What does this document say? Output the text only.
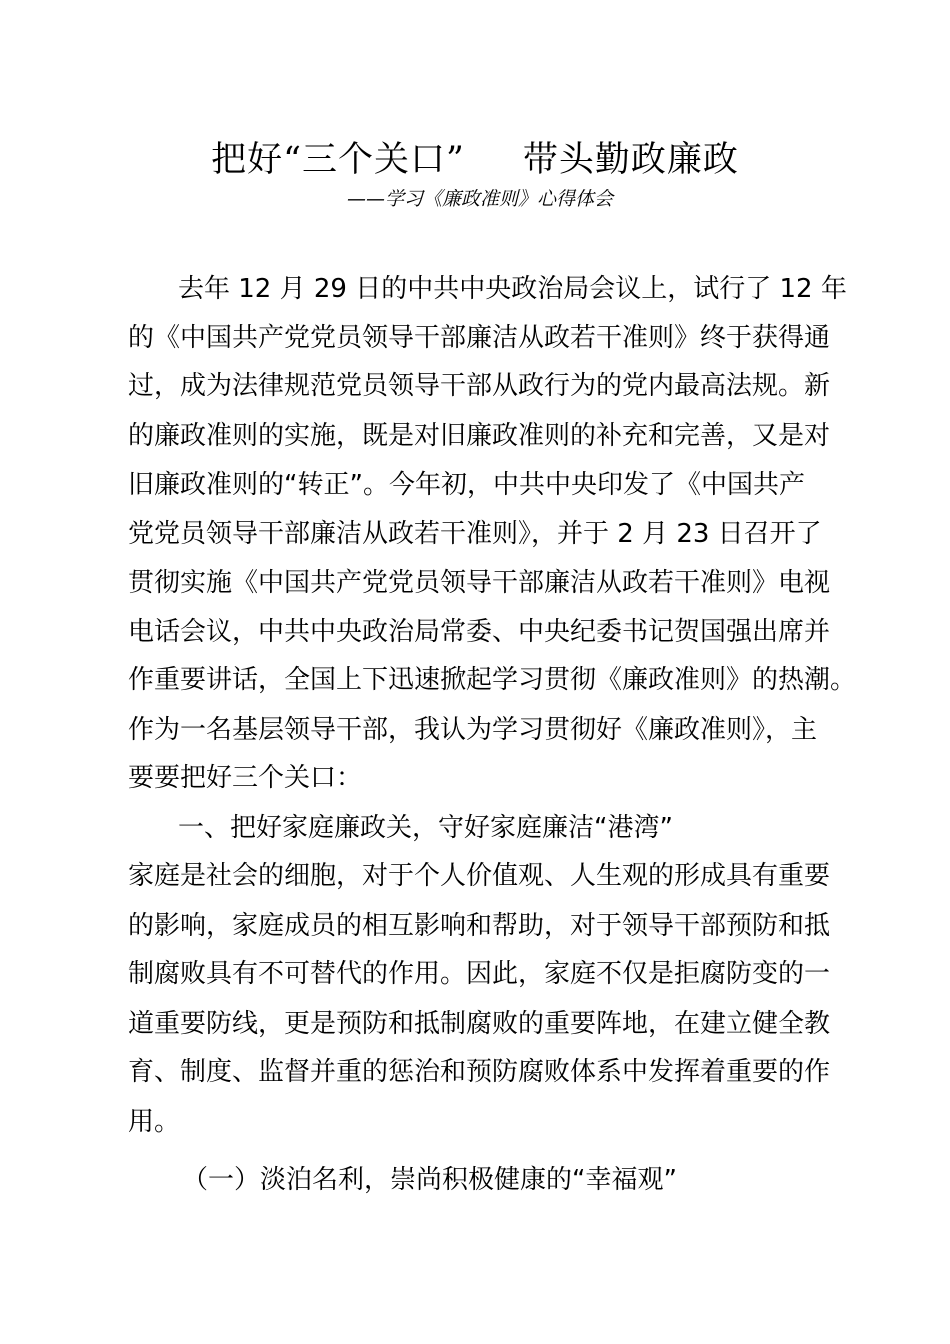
把好“三个关口” 带头勤政廉政
——学习《廉政准则》心得体会
去年 12 月 29 日的中共中央政治局会议上，试行了 12 年
的《中国共产党党员领导干部廉洁从政若干准则》终于获得通
过，成为法律规范党员领导干部从政行为的党内最高法规。新
的廉政准则的实施，既是对旧廉政准则的补充和完善，又是对
旧廉政准则的“转正”。今年初，中共中央印发了《中国共产
党党员领导干部廉洁从政若干准则》，并于 2 月 23 日召开了
贯彻实施《中国共产党党员领导干部廉洁从政若干准则》电视
电话会议，中共中央政治局常委、中央纪委书记贺国强出席并
作重要讲话，全国上下迅速掀起学习贯彻《廉政准则》的热潮。
作为一名基层领导干部，我认为学习贯彻好《廉政准则》，主
要要把好三个关口：
一、把好家庭廉政关，守好家庭廉洁“港湾”
家庭是社会的细胞，对于个人价值观、人生观的形成具有重要
的影响，家庭成员的相互影响和帮助，对于领导干部预防和抵
制腐败具有不可替代的作用。因此，家庭不仅是拒腐防变的一
道重要防线，更是预防和抵制腐败的重要阵地，在建立健全教
育、制度、监督并重的惩治和预防腐败体系中发挥着重要的作
用。
（一）淡泊名利，崇尚积极健康的“幸福观”
